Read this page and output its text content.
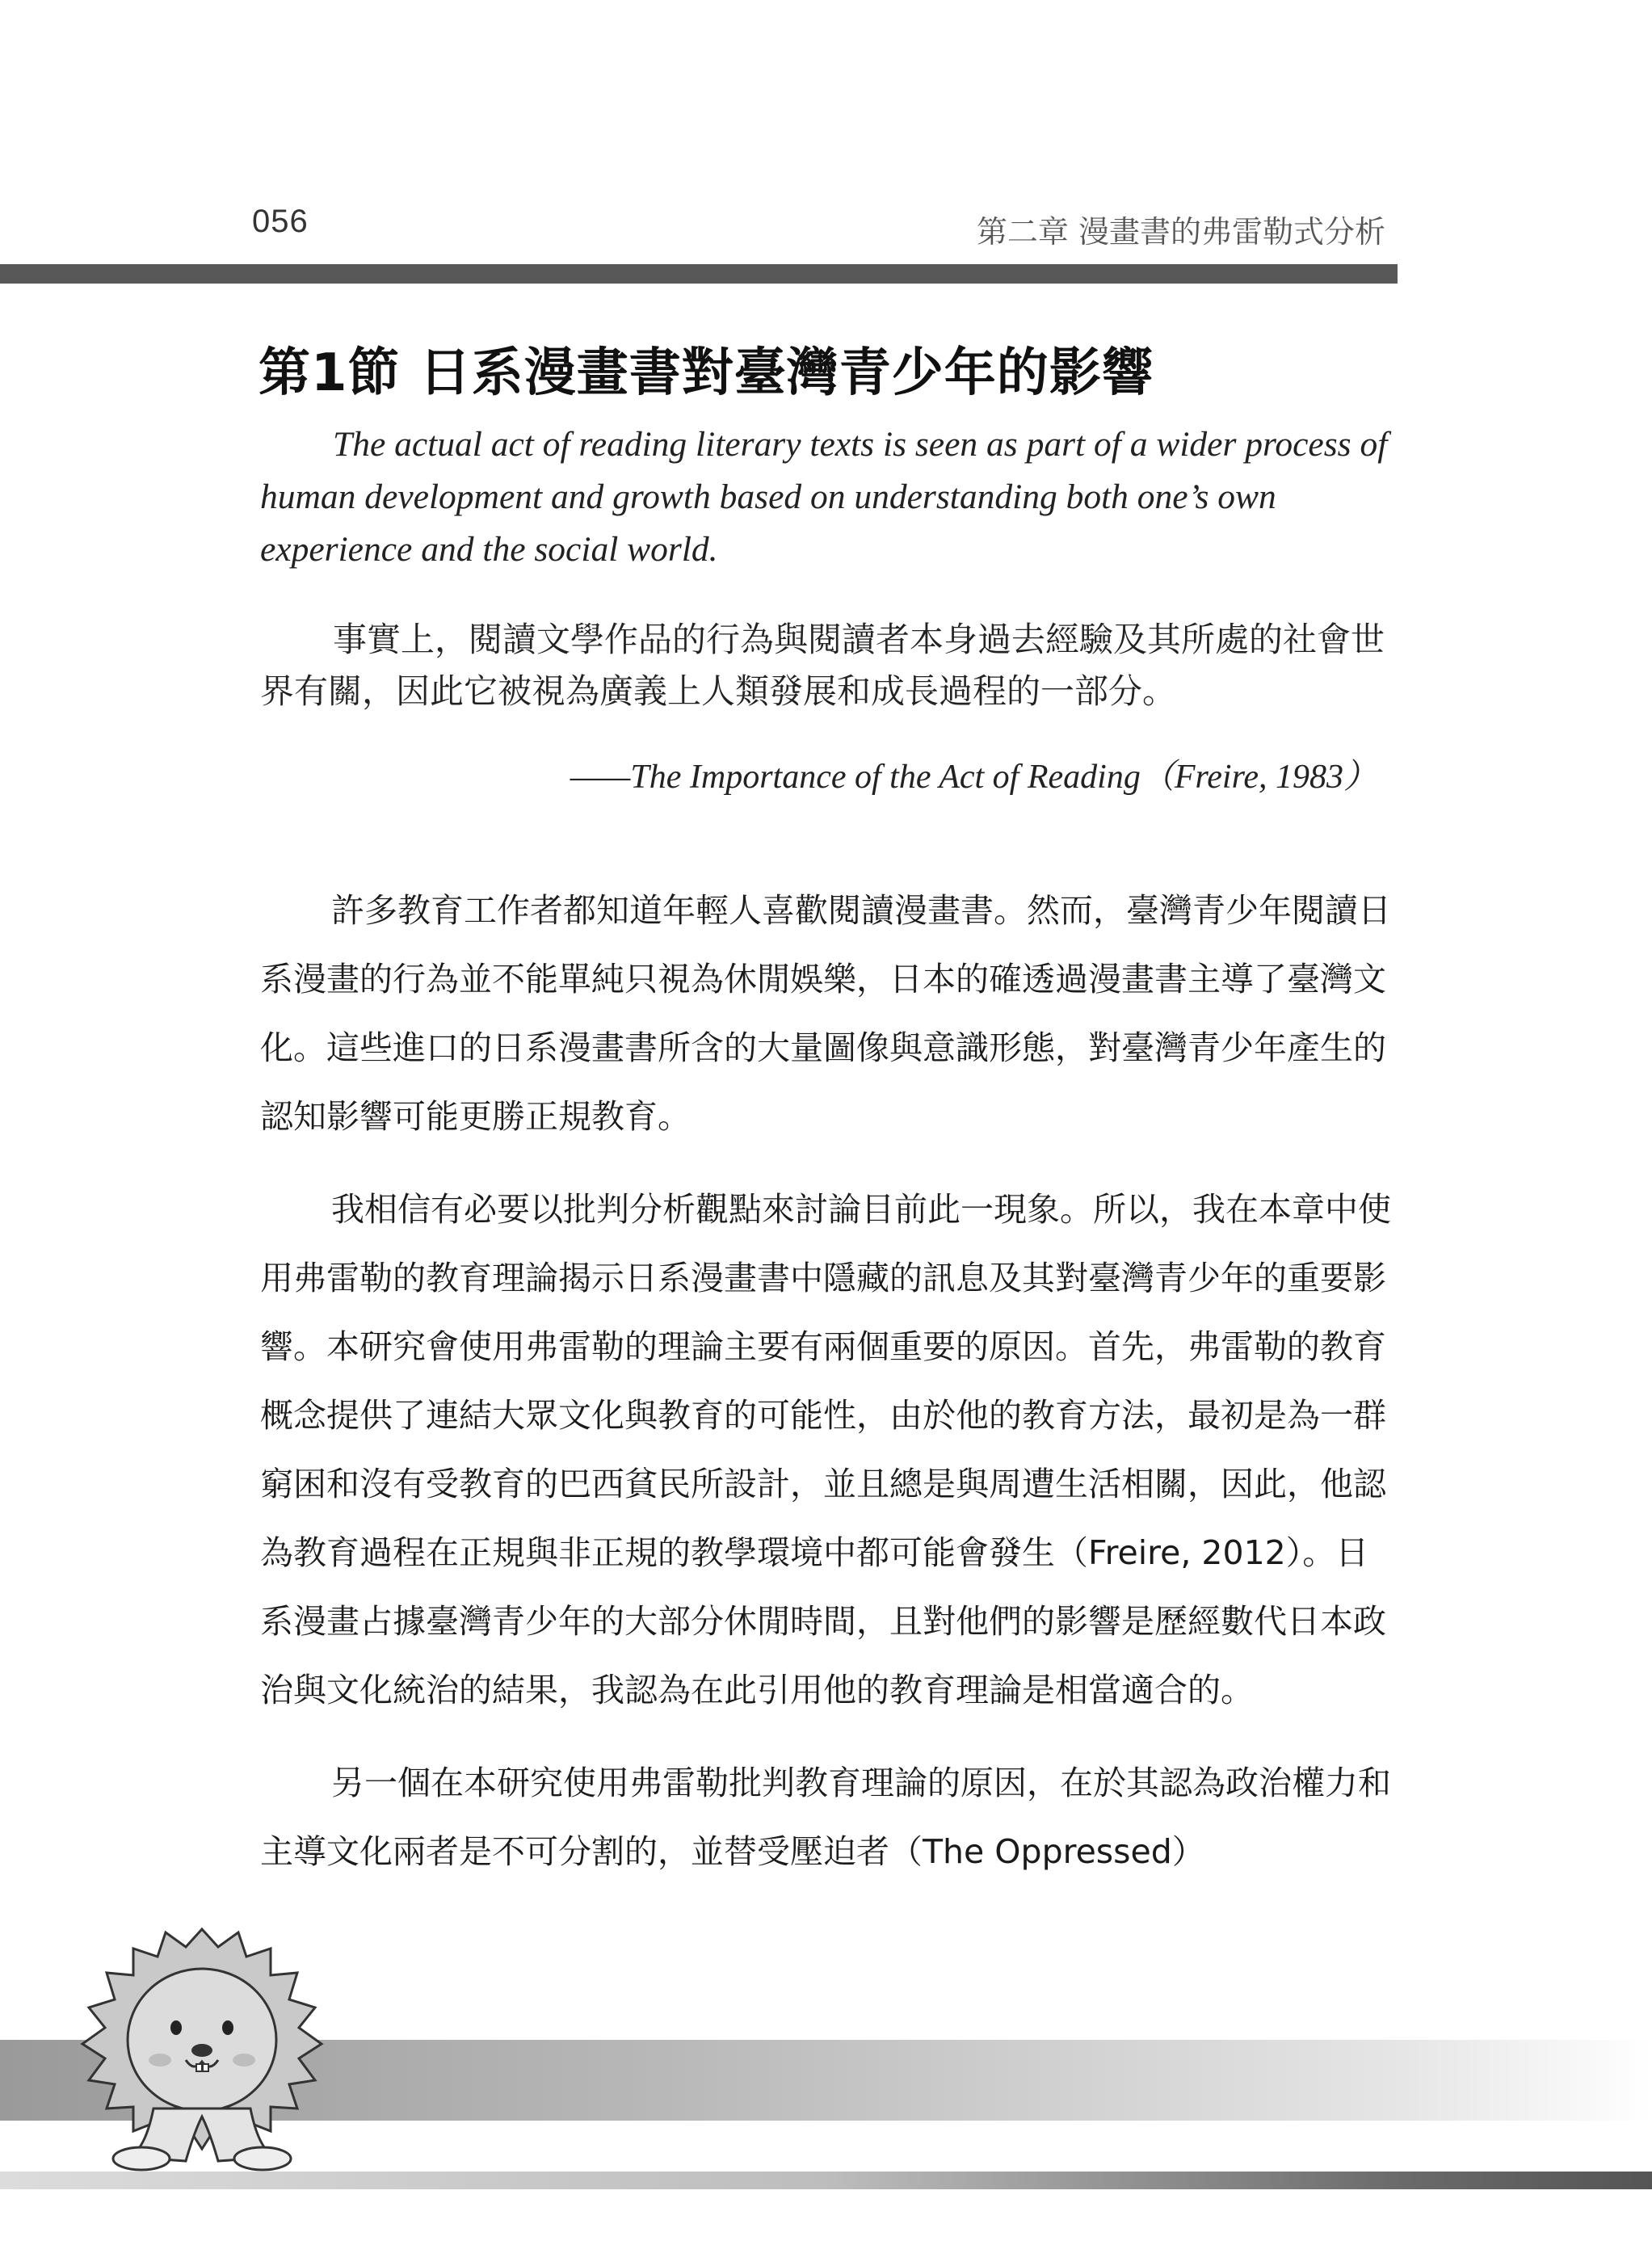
056	第二章 漫畫書的弗雷勒式分析
第1節 日系漫畫書對臺灣青少年的影響

The actual act of reading literary texts is seen as part of a wider process of human development and growth based on understanding both one’s own experience and the social world.

事實上，閱讀文學作品的行為與閱讀者本身過去經驗及其所處的社會世界有關，因此它被視為廣義上人類發展和成長過程的一部分。

——The Importance of the Act of Reading（Freire, 1983）

許多教育工作者都知道年輕人喜歡閱讀漫畫書。然而，臺灣青少年閱讀日系漫畫的行為並不能單純只視為休閒娛樂，日本的確透過漫畫書主導了臺灣文化。這些進口的日系漫畫書所含的大量圖像與意識形態，對臺灣青少年產生的認知影響可能更勝正規教育。

我相信有必要以批判分析觀點來討論目前此一現象。所以，我在本章中使用弗雷勒的教育理論揭示日系漫畫書中隱藏的訊息及其對臺灣青少年的重要影響。本研究會使用弗雷勒的理論主要有兩個重要的原因。首先，弗雷勒的教育概念提供了連結大眾文化與教育的可能性，由於他的教育方法，最初是為一群窮困和沒有受教育的巴西貧民所設計，並且總是與周遭生活相關，因此，他認為教育過程在正規與非正規的教學環境中都可能會發生（Freire, 2012）。日系漫畫占據臺灣青少年的大部分休閒時間，且對他們的影響是歷經數代日本政治與文化統治的結果，我認為在此引用他的教育理論是相當適合的。

另一個在本研究使用弗雷勒批判教育理論的原因，在於其認為政治權力和主導文化兩者是不可分割的，並替受壓迫者（The Oppressed）
